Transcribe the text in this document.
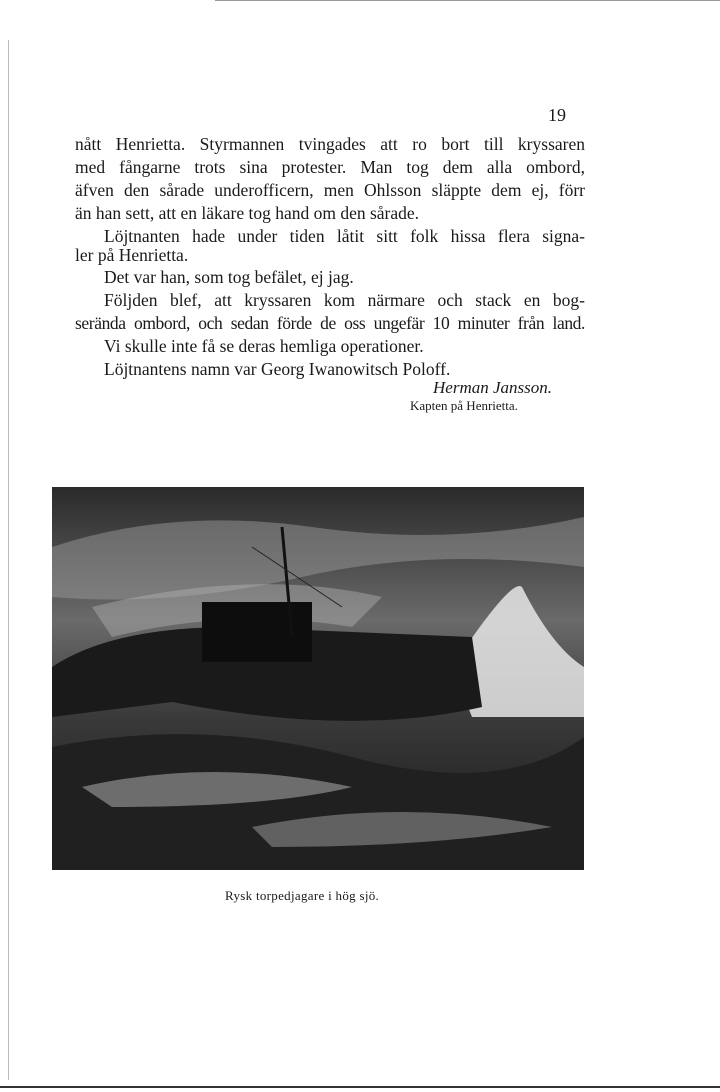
19
nått Henrietta. Styrmannen tvingades att ro bort till kryssaren
med fångarne trots sina protester. Man tog dem alla ombord,
äfven den sårade underofficern, men Ohlsson släppte dem ej, förr
än han sett, att en läkare tog hand om den sårade.
Löjtnanten hade under tiden låtit sitt folk hissa flera signa-
ler på Henrietta.
Det var han, som tog befälet, ej jag.
Följden blef, att kryssaren kom närmare och stack en bog-
serända ombord, och sedan förde de oss ungefär 10 minuter från land.
Vi skulle inte få se deras hemliga operationer.
Löjtnantens namn var Georg Iwanowitsch Poloff.
Herman Jansson.
Kapten på Henrietta.
Rysk torpedjagare i hög sjö.
